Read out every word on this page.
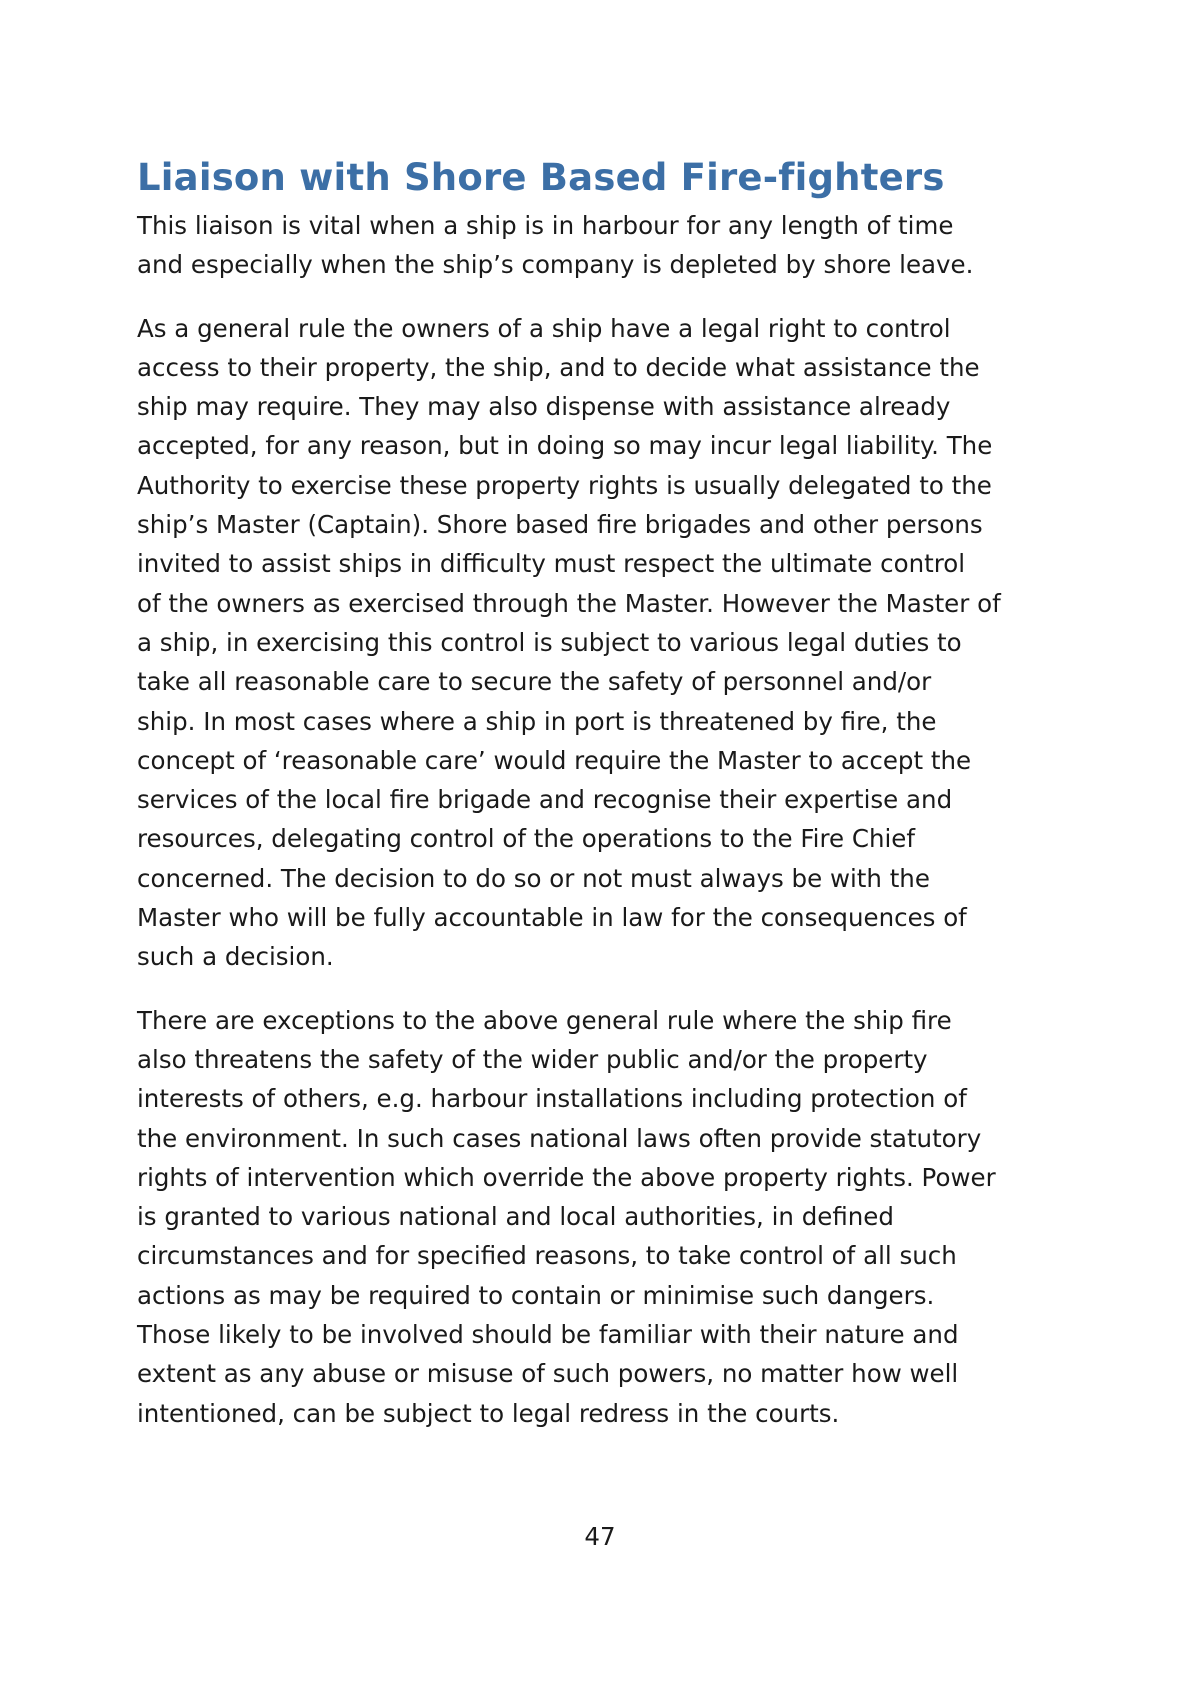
Liaison with Shore Based Fire-fighters

This liaison is vital when a ship is in harbour for any length of time
and especially when the ship’s company is depleted by shore leave.

As a general rule the owners of a ship have a legal right to control
access to their property, the ship, and to decide what assistance the
ship may require. They may also dispense with assistance already
accepted, for any reason, but in doing so may incur legal liability. The
Authority to exercise these property rights is usually delegated to the
ship’s Master (Captain). Shore based fire brigades and other persons
invited to assist ships in difficulty must respect the ultimate control
of the owners as exercised through the Master. However the Master of
a ship, in exercising this control is subject to various legal duties to
take all reasonable care to secure the safety of personnel and/or
ship. In most cases where a ship in port is threatened by fire, the
concept of ‘reasonable care’ would require the Master to accept the
services of the local fire brigade and recognise their expertise and
resources, delegating control of the operations to the Fire Chief
concerned. The decision to do so or not must always be with the
Master who will be fully accountable in law for the consequences of
such a decision.

There are exceptions to the above general rule where the ship fire
also threatens the safety of the wider public and/or the property
interests of others, e.g. harbour installations including protection of
the environment. In such cases national laws often provide statutory
rights of intervention which override the above property rights. Power
is granted to various national and local authorities, in defined
circumstances and for specified reasons, to take control of all such
actions as may be required to contain or minimise such dangers.
Those likely to be involved should be familiar with their nature and
extent as any abuse or misuse of such powers, no matter how well
intentioned, can be subject to legal redress in the courts.

47
